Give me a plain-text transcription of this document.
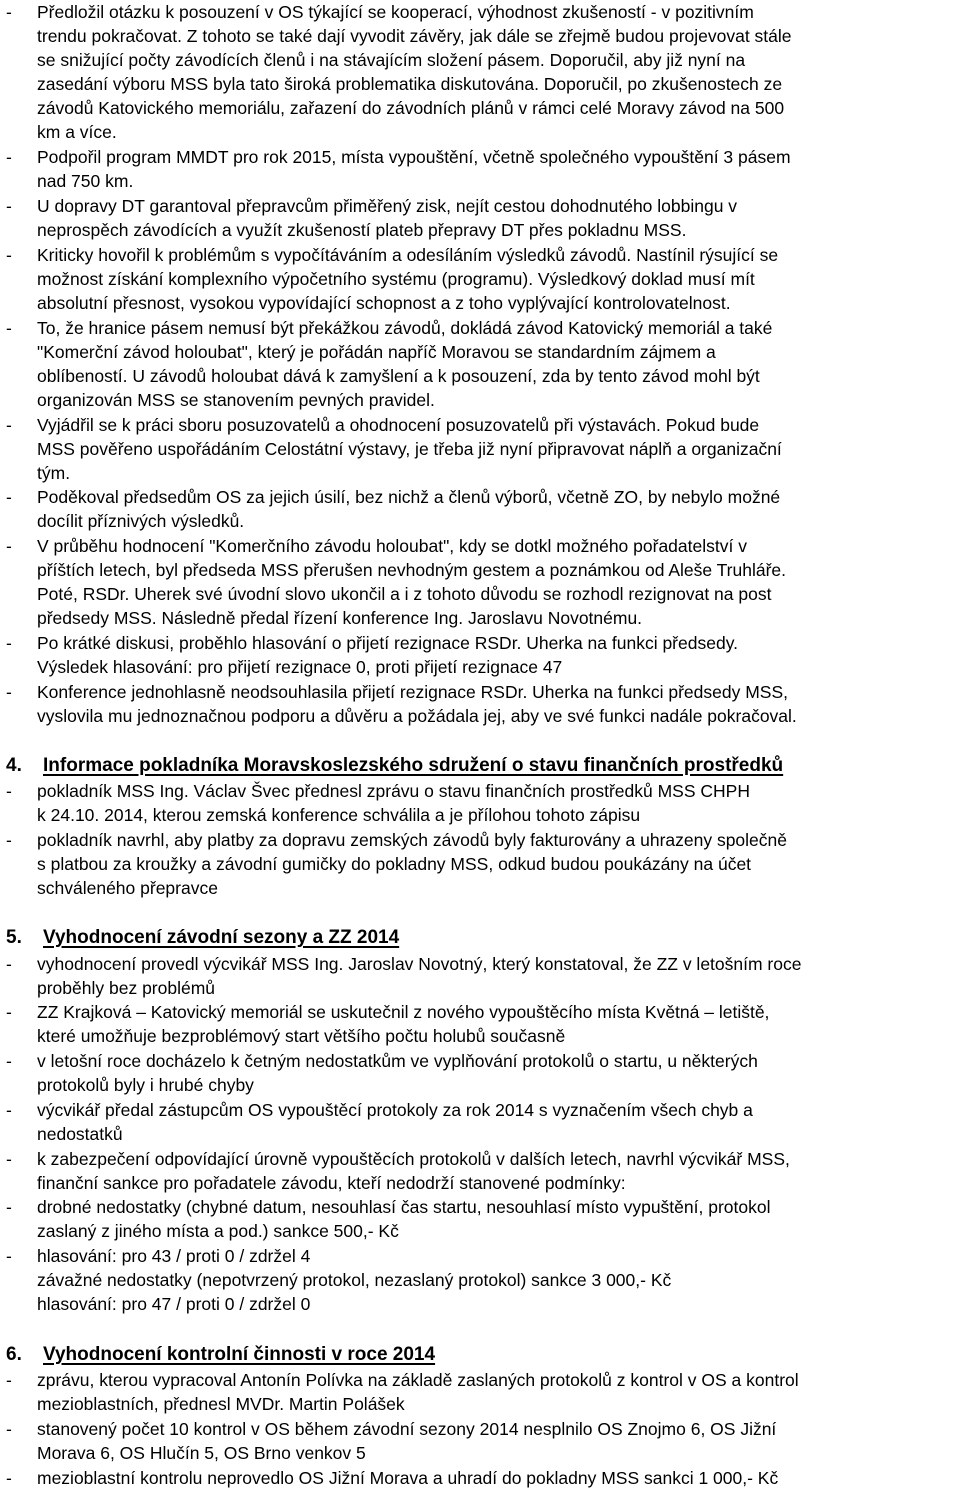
- Předložil otázku k posouzení v OS týkající se kooperací, výhodnost zkušeností - v pozitivním
trendu pokračovat. Z tohoto se také dají vyvodit závěry, jak dále se zřejmě budou projevovat stále
se snižující počty závodících členů i na stávajícím složení pásem. Doporučil, aby již nyní na
zasedání výboru MSS byla tato široká problematika diskutována. Doporučil, po zkušenostech ze
závodů Katovického memoriálu, zařazení do závodních plánů v rámci celé Moravy závod na 500
km a více.
- Podpořil program MMDT pro rok 2015, místa vypouštění, včetně společného vypouštění 3 pásem
nad 750 km.
- U dopravy DT garantoval přepravcům přiměřený zisk, nejít cestou dohodnutého lobbingu v
neprospěch závodících a využít zkušeností plateb přepravy DT přes pokladnu MSS.
- Kriticky hovořil k problémům s vypočítáváním a odesíláním výsledků závodů. Nastínil rýsující se
možnost získání komplexního výpočetního systému (programu). Výsledkový doklad musí mít
absolutní přesnost, vysokou vypovídající schopnost a z toho vyplývající kontrolovatelnost.
- To, že hranice pásem nemusí být překážkou závodů, dokládá závod Katovický memoriál a také
"Komerční závod holoubat", který je pořádán napříč Moravou se standardním zájmem a
oblíbeností. U závodů holoubat dává k zamyšlení a k posouzení, zda by tento závod mohl být
organizován MSS se stanovením pevných pravidel.
- Vyjádřil se k práci sboru posuzovatelů a ohodnocení posuzovatelů při výstavách. Pokud bude
MSS pověřeno uspořádáním Celostátní výstavy, je třeba již nyní připravovat náplň a organizační
tým.
- Poděkoval předsedům OS za jejich úsilí, bez nichž a členů výborů, včetně ZO, by nebylo možné
docílit příznivých výsledků.
- V průběhu hodnocení "Komerčního závodu holoubat", kdy se dotkl možného pořadatelství v
příštích letech, byl předseda MSS přerušen nevhodným gestem a poznámkou od Aleše Truhláře.
Poté, RSDr. Uherek své úvodní slovo ukončil a i z tohoto důvodu se rozhodl rezignovat na post
předsedy MSS. Následně předal řízení konference Ing. Jaroslavu Novotnému.
- Po krátké diskusi, proběhlo hlasování o přijetí rezignace RSDr. Uherka na funkci předsedy.
Výsledek hlasování: pro přijetí rezignace 0, proti přijetí rezignace 47
- Konference jednohlasně neodsouhlasila přijetí rezignace RSDr. Uherka na funkci předsedy MSS,
vyslovila mu jednoznačnou podporu a důvěru a požádala jej, aby ve své funkci nadále pokračoval.
4. Informace pokladníka Moravskoslezského sdružení o stavu finančních prostředků
- pokladník MSS Ing. Václav Švec přednesl zprávu o stavu finančních prostředků MSS CHPH
k 24.10. 2014, kterou zemská konference schválila a je přílohou tohoto zápisu
- pokladník navrhl, aby platby za dopravu zemských závodů byly fakturovány a uhrazeny společně
s platbou za kroužky a závodní gumičky do pokladny MSS, odkud budou poukázány na účet
schváleného přepravce
5. Vyhodnocení závodní sezony a ZZ 2014
- vyhodnocení provedl výcvikář MSS Ing. Jaroslav Novotný, který konstatoval, že ZZ v letošním roce
proběhly bez problémů
- ZZ Krajková – Katovický memoriál se uskutečnil z nového vypouštěcího místa Květná – letiště,
které umožňuje bezproblémový start většího počtu holubů současně
- v letošní roce docházelo k četným nedostatkům ve vyplňování protokolů o startu, u některých
protokolů byly i hrubé chyby
- výcvikář předal zástupcům OS vypouštěcí protokoly za rok 2014 s vyznačením všech chyb a
nedostatků
- k zabezpečení odpovídající úrovně vypouštěcích protokolů v dalších letech, navrhl výcvikář MSS,
finanční sankce pro pořadatele závodu, kteří nedodrží stanovené podmínky:
- drobné nedostatky (chybné datum, nesouhlasí čas startu, nesouhlasí místo vypuštění, protokol
zaslaný z jiného místa a pod.) sankce 500,- Kč
- hlasování: pro 43 / proti 0 / zdržel 4
závažné nedostatky (nepotvrzený protokol, nezaslaný protokol) sankce 3 000,- Kč
hlasování: pro 47 / proti 0 / zdržel 0
6. Vyhodnocení kontrolní činnosti v roce 2014
- zprávu, kterou vypracoval Antonín Polívka na základě zaslaných protokolů z kontrol v OS a kontrol
mezioblastních, přednesl MVDr. Martin Polášek
- stanovený počet 10 kontrol v OS během závodní sezony 2014 nesplnilo OS Znojmo 6, OS Jižní
Morava 6, OS Hlučín 5, OS Brno venkov 5
- mezioblastní kontrolu neprovedlo OS Jižní Morava a uhradí do pokladny MSS sankci 1 000,- Kč
